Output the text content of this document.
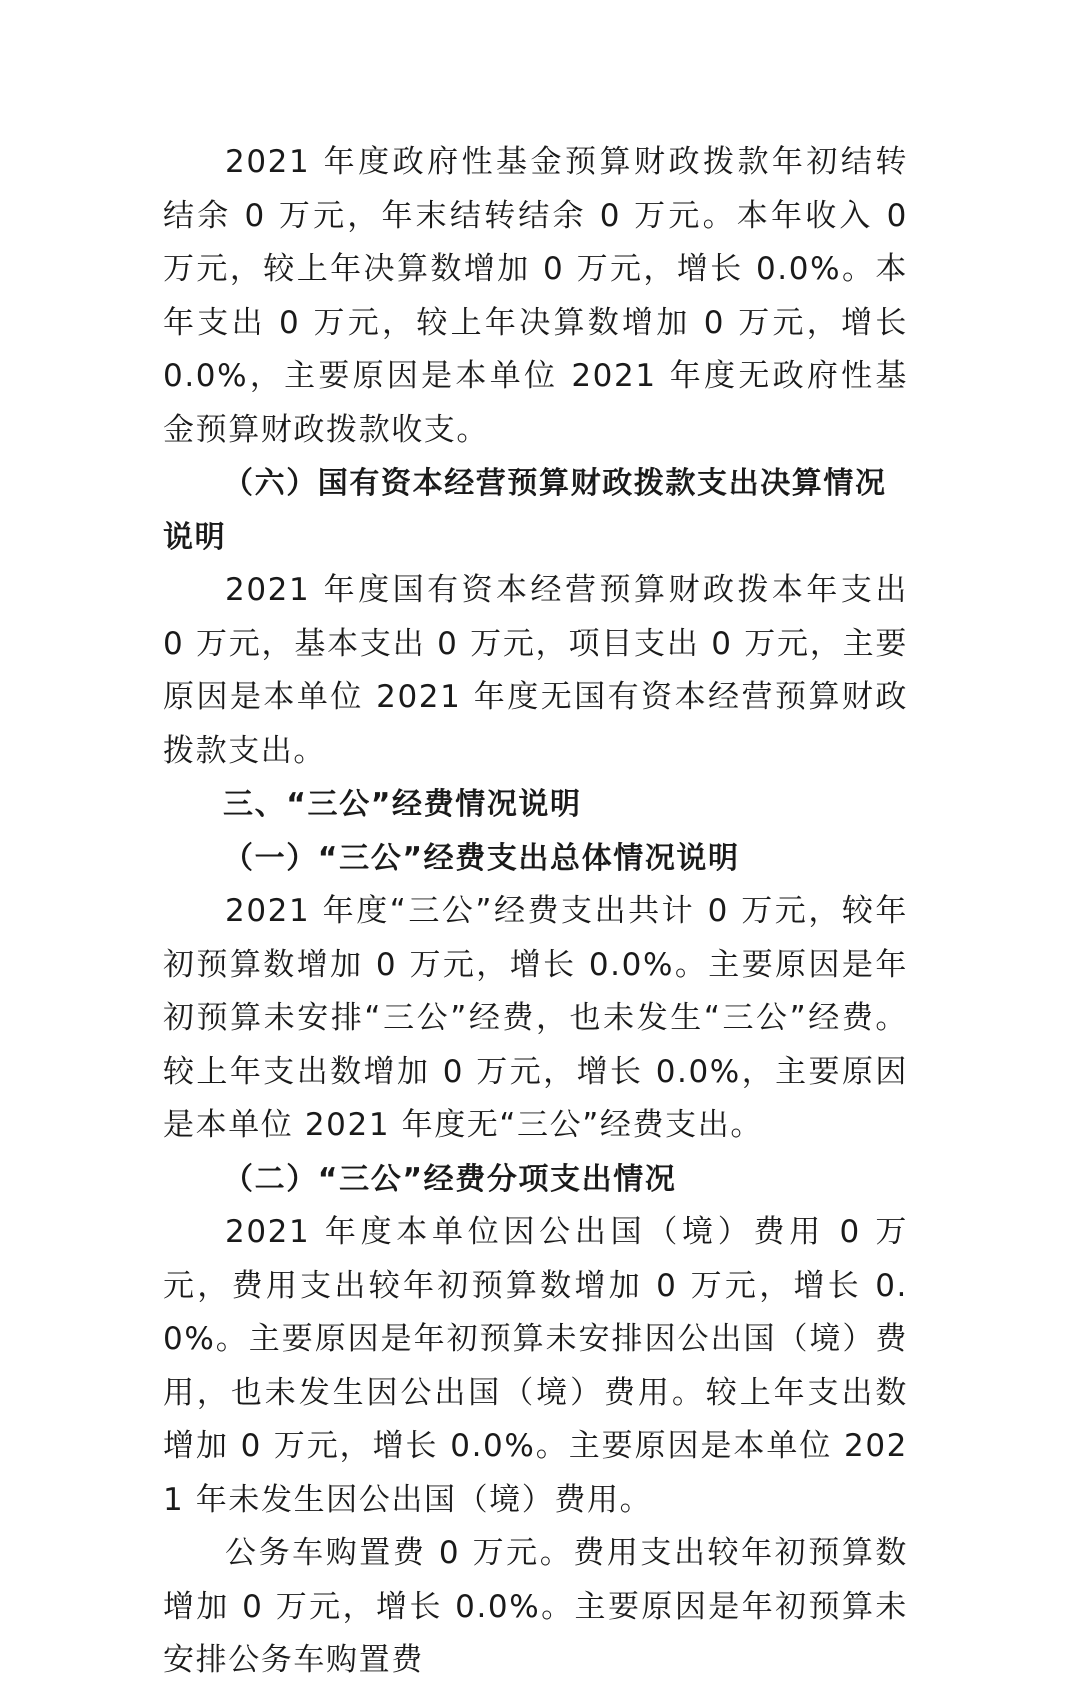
2021 年度政府性基金预算财政拨款年初结转结余 0 万元，年末结转结余 0 万元。本年收入 0 万元，较上年决算数增加 0 万元，增长 0.0%。本年支出 0 万元，较上年决算数增加 0 万元，增长 0.0%，主要原因是本单位 2021 年度无政府性基金预算财政拨款收支。

（六）国有资本经营预算财政拨款支出决算情况说明

2021 年度国有资本经营预算财政拨本年支出 0 万元，基本支出 0 万元，项目支出 0 万元，主要原因是本单位 2021 年度无国有资本经营预算财政拨款支出。

三、“三公”经费情况说明

（一）“三公”经费支出总体情况说明

2021 年度“三公”经费支出共计 0 万元，较年初预算数增加 0 万元，增长 0.0%。主要原因是年初预算未安排“三公”经费，也未发生“三公”经费。较上年支出数增加 0 万元，增长 0.0%，主要原因是本单位 2021 年度无“三公”经费支出。

（二）“三公”经费分项支出情况

2021 年度本单位因公出国（境）费用 0 万元，费用支出较年初预算数增加 0 万元，增长 0.0%。主要原因是年初预算未安排因公出国（境）费用，也未发生因公出国（境）费用。较上年支出数增加 0 万元，增长 0.0%。主要原因是本单位 2021 年未发生因公出国（境）费用。

公务车购置费 0 万元。费用支出较年初预算数增加 0 万元，增长 0.0%。主要原因是年初预算未安排公务车购置费
